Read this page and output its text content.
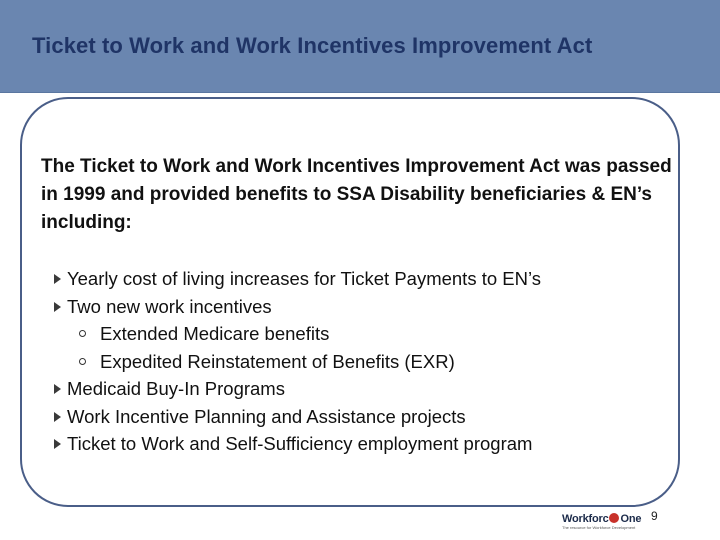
Ticket to Work and Work Incentives Improvement Act

The Ticket to Work and Work Incentives Improvement Act was passed in 1999 and provided benefits to SSA Disability beneficiaries & EN’s including:

Yearly cost of living increases for Ticket Payments to EN’s
Two new work incentives
Extended Medicare benefits
Expedited Reinstatement of Benefits (EXR)
Medicaid Buy-In Programs
Work Incentive Planning and Assistance projects
Ticket to Work and Self-Sufficiency employment program
Workforc One
The resource for Workforce Development
9
